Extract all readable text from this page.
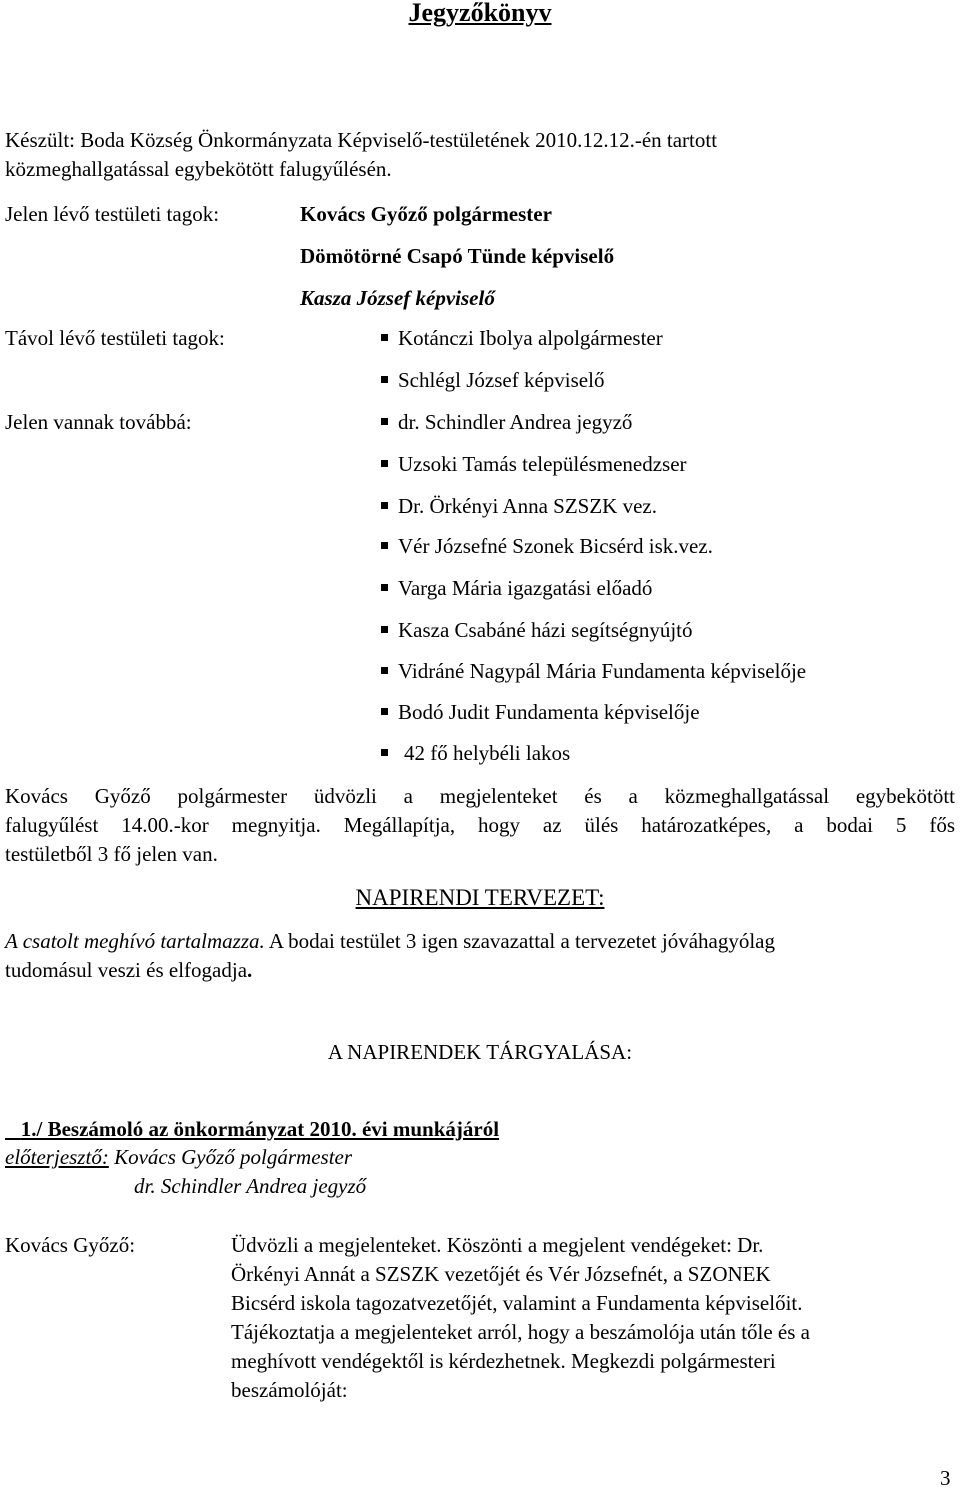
Jegyzőkönyv
Készült: Boda Község Önkormányzata Képviselő-testületének 2010.12.12.-én tartott
közmeghallgatással egybekötött falugyűlésén.
Jelen lévő testületi tagok:	Kovács Győző polgármester
Dömötörné Csapó Tünde képviselő
Kasza József képviselő
Távol lévő testületi tagok:	Kotánczi Ibolya alpolgármester
Schlégl József képviselő
Jelen vannak továbbá:	dr. Schindler Andrea jegyző
Uzsoki Tamás településmenedzser
Dr. Örkényi Anna SZSZK vez.
Vér Józsefné Szonek Bicsérd isk.vez.
Varga Mária igazgatási előadó
Kasza Csabáné házi segítségnyújtó
Vidráné Nagypál Mária Fundamenta képviselője
Bodó Judit Fundamenta képviselője
42 fő helybéli lakos
Kovács Győző polgármester üdvözli a megjelenteket és a közmeghallgatással egybekötött
falugyűlést 14.00.-kor megnyitja. Megállapítja, hogy az ülés határozatképes, a bodai 5 fős
testületből 3 fő jelen van.
NAPIRENDI TERVEZET:
A csatolt meghívó tartalmazza. A bodai testület 3 igen szavazattal a tervezetet jóváhagyólag
tudomásul veszi és elfogadja.
A NAPIRENDEK TÁRGYALÁSA:
1./ Beszámoló az önkormányzat 2010. évi munkájáról
előterjesztő: Kovács Győző polgármester
dr. Schindler Andrea jegyző
Kovács Győző:	Üdvözli a megjelenteket. Köszönti a megjelent vendégeket: Dr.
Örkényi Annát a SZSZK vezetőjét és Vér Józsefnét, a SZONEK
Bicsérd iskola tagozatvezetőjét, valamint a Fundamenta képviselőit.
Tájékoztatja a megjelenteket arról, hogy a beszámolója után tőle és a
meghívott vendégektől is kérdezhetnek. Megkezdi polgármesteri
beszámolóját:
3
